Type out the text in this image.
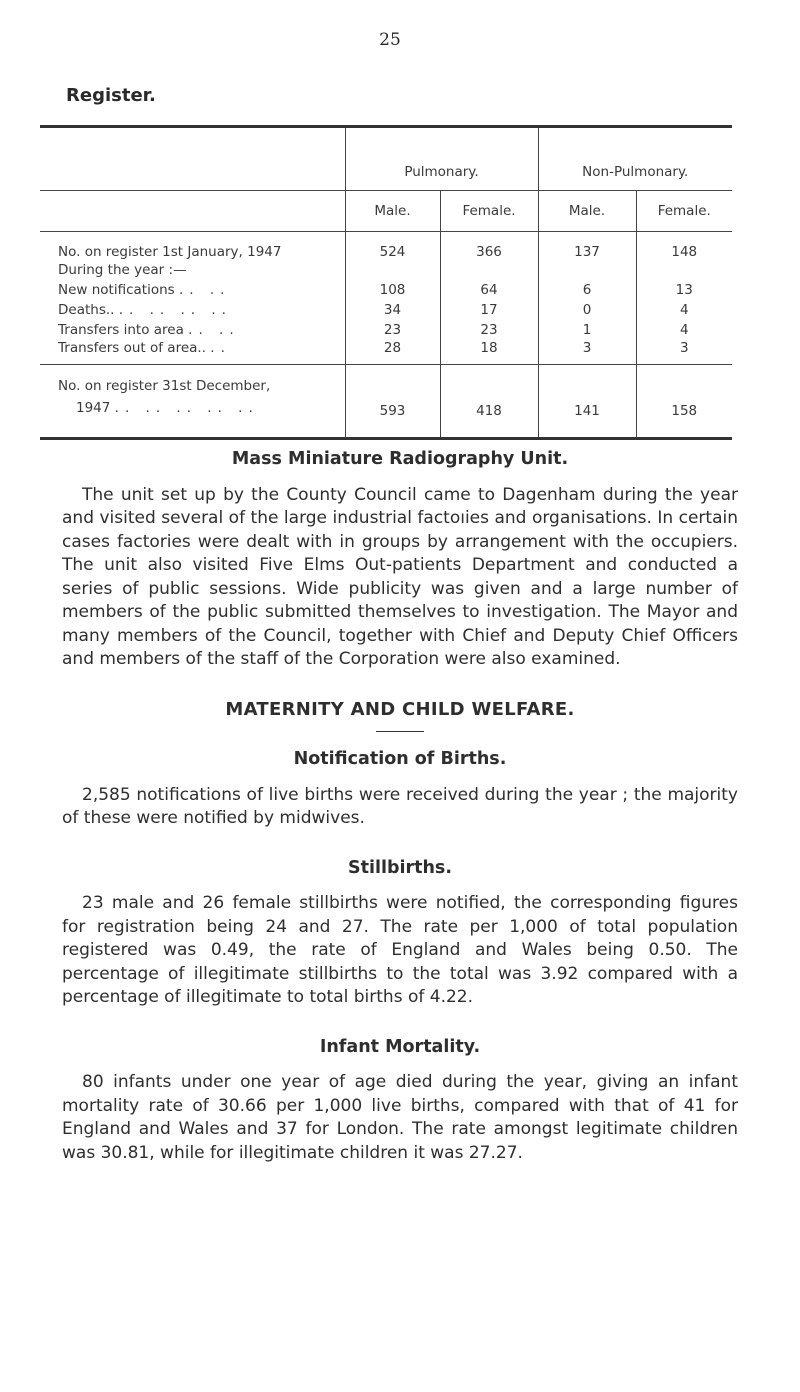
25
Register.
	Pulmonary.		Non-Pulmonary.	
	Male.	Female.	Male.	Female.
No. on register 1st January, 1947	524	366	137	148
During the year :—				
New notifications .. ..	108	64	6	13
Deaths.. .. .. .. ..	34	17	0	4
Transfers into area .. ..	23	23	1	4
Transfers out of area.. ..	28	18	3	3

No. on register 31st December,
1947 .. .. .. .. ..	593	418	141	158
Mass Miniature Radiography Unit.

The unit set up by the County Council came to Dagenham during the year and visited several of the large industrial factoıies and organisations. In certain cases factories were dealt with in groups by arrangement with the occupiers. The unit also visited Five Elms Out-patients Department and conducted a series of public sessions. Wide publicity was given and a large number of members of the public submitted themselves to investigation. The Mayor and many members of the Council, together with Chief and Deputy Chief Officers and members of the staff of the Corporation were also examined.

MATERNITY AND CHILD WELFARE.
Notification of Births.

2,585 notifications of live births were received during the year ; the majority of these were notified by midwives.

Stillbirths.

23 male and 26 female stillbirths were notified, the corresponding figures for registration being 24 and 27. The rate per 1,000 of total population registered was 0.49, the rate of England and Wales being 0.50. The percentage of illegitimate stillbirths to the total was 3.92 compared with a percentage of illegitimate to total births of 4.22.

Infant Mortality.

80 infants under one year of age died during the year, giving an infant mortality rate of 30.66 per 1,000 live births, compared with that of 41 for England and Wales and 37 for London. The rate amongst legitimate children was 30.81, while for illegitimate children it was 27.27.
